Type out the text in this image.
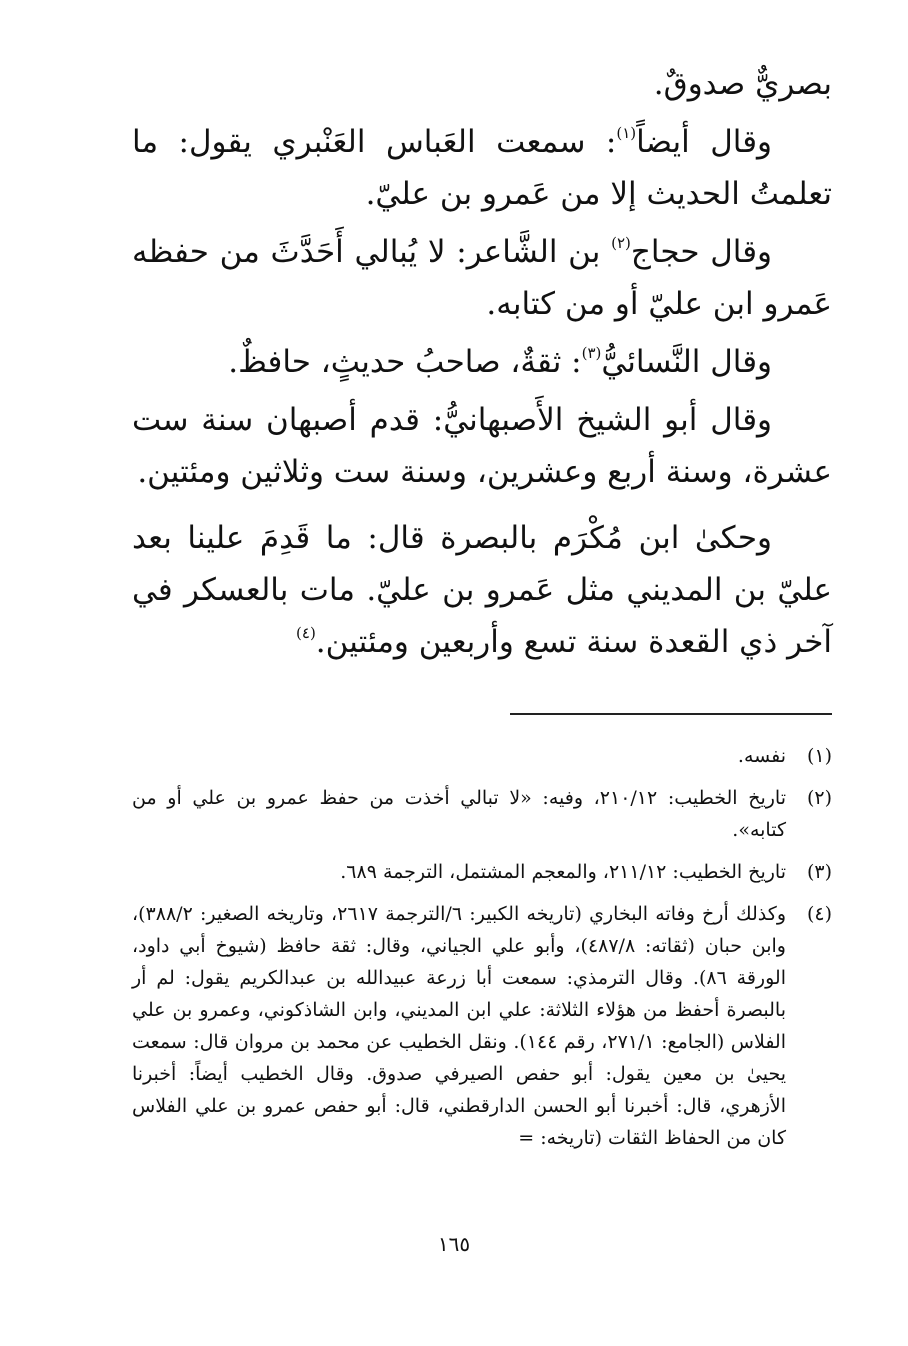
بصريٌّ صدوقٌ.

وقال أيضاً$^{(١)}$: سمعت العَباس العَنْبري يقول: ما تعلمتُ الحديث إلا من عَمرو بن عليّ.

وقال حجاج$^{(٢)}$ بن الشَّاعر: لا يُبالي أَحَدَّثَ من حفظه عَمرو ابن عليّ أو من كتابه.

وقال النَّسائيُّ$^{(٣)}$: ثقةٌ، صاحبُ حديثٍ، حافظٌ.

وقال أبو الشيخ الأَصبهانيُّ: قدم أصبهان سنة ست عشرة، وسنة أربع وعشرين، وسنة ست وثلاثين ومئتين.

وحكىٰ ابن مُكْرَم بالبصرة قال: ما قَدِمَ علينا بعد عليّ بن المديني مثل عَمرو بن عليّ. مات بالعسكر في آخر ذي القعدة سنة تسع وأربعين ومئتين.$^{(٤)}$

(١)
نفسه.
(٢)
تاريخ الخطيب: ٢١٠/١٢، وفيه: «لا تبالي أخذت من حفظ عمرو بن علي أو من كتابه».
(٣)
تاريخ الخطيب: ٢١١/١٢، والمعجم المشتمل، الترجمة ٦٨٩.
(٤)
وكذلك أرخ وفاته البخاري (تاريخه الكبير: ٦/الترجمة ٢٦١٧، وتاريخه الصغير: ٣٨٨/٢)، وابن حبان (ثقاته: ٤٨٧/٨)، وأبو علي الجياني، وقال: ثقة حافظ (شيوخ أبي داود، الورقة ٨٦). وقال الترمذي: سمعت أبا زرعة عبيدالله بن عبدالكريم يقول: لم أر بالبصرة أحفظ من هؤلاء الثلاثة: علي ابن المديني، وابن الشاذكوني، وعمرو بن علي الفلاس (الجامع: ٢٧١/١، رقم ١٤٤). ونقل الخطيب عن محمد بن مروان قال: سمعت يحيىٰ بن معين يقول: أبو حفص الصيرفي صدوق. وقال الخطيب أيضاً: أخبرنا الأزهري، قال: أخبرنا أبو الحسن الدارقطني، قال: أبو حفص عمرو بن علي الفلاس كان من الحفاظ الثقات (تاريخه: =
١٦٥
